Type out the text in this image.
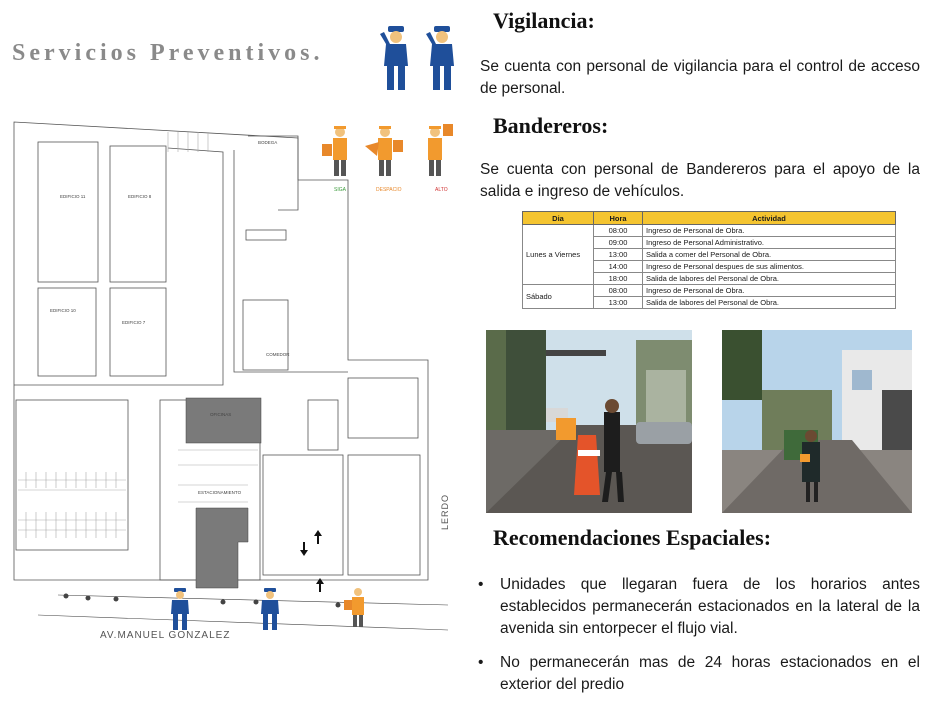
Servicios Preventivos.
SIGA	DESPACIO	ALTO
EDIFICIO 11	EDIFICIO 8
EDIFICIO 10
EDIFICIO 7
BODEGA
COMEDOR
OFICINAS
ESTACIONAMIENTO
AV.MANUEL GONZALEZ
LERDO
Vigilancia:
Se cuenta con personal de vigilancia para el control de acceso de personal.
Bandereros:
Se cuenta con personal de Bandereros para el apoyo de la salida e ingreso de vehículos.
Dia	Hora	Actividad
Lunes a Viernes	08:00	Ingreso de Personal de Obra.
	09:00	Ingreso de Personal Administrativo.
	13:00	Salida a comer del Personal de Obra.
	14:00	Ingreso de Personal despues de sus alimentos.
	18:00	Salida de labores del Personal de Obra.
Sábado	08:00	Ingreso de Personal de Obra.
	13:00	Salida de labores del Personal de Obra.
Recomendaciones Espaciales:
• Unidades que llegaran fuera de los horarios antes establecidos permanecerán estacionados en la lateral de la avenida sin entorpecer el flujo vial.
• No permanecerán mas de 24 horas estacionados en el exterior del predio
